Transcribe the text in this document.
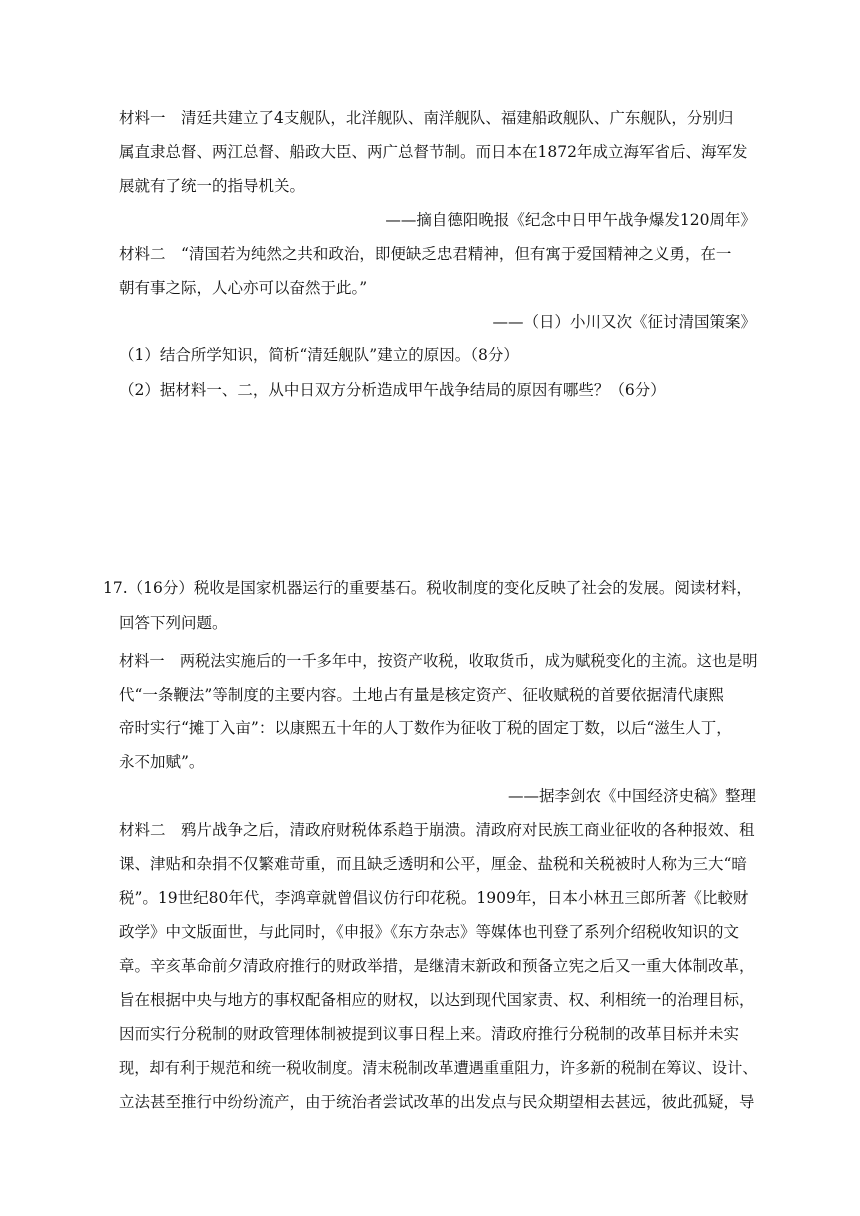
材料一　清廷共建立了4支舰队，北洋舰队、南洋舰队、福建船政舰队、广东舰队，分别归
属直隶总督、两江总督、船政大臣、两广总督节制。而日本在1872年成立海军省后、海军发
展就有了统一的指导机关。
——摘自德阳晚报《纪念中日甲午战争爆发120周年》
材料二　“清国若为纯然之共和政治，即便缺乏忠君精神，但有寓于爱国精神之义勇，在一
朝有事之际，人心亦可以奋然于此。”
——（日）小川又次《征讨清国策案》
（1）结合所学知识，简析“清廷舰队”建立的原因。（8分）
（2）据材料一、二，从中日双方分析造成甲午战争结局的原因有哪些？（6分）
17.（16分）税收是国家机器运行的重要基石。税收制度的变化反映了社会的发展。阅读材料，
回答下列问题。
材料一　两税法实施后的一千多年中，按资产收税，收取货币，成为赋税变化的主流。这也是明
代“一条鞭法”等制度的主要内容。土地占有量是核定资产、征收赋税的首要依据清代康熙
帝时实行“摊丁入亩”：以康熙五十年的人丁数作为征收丁税的固定丁数，以后“滋生人丁，
永不加赋”。
——据李剑农《中国经济史稿》整理
材料二　鸦片战争之后，清政府财税体系趋于崩溃。清政府对民族工商业征收的各种报效、租
课、津贴和杂捐不仅繁难苛重，而且缺乏透明和公平，厘金、盐税和关税被时人称为三大“暗
税”。19世纪80年代，李鸿章就曾倡议仿行印花税。1909年，日本小林丑三郎所著《比較财
政学》中文版面世，与此同时，《申报》《东方杂志》等媒体也刊登了系列介绍税收知识的文
章。辛亥革命前夕清政府推行的财政举措，是继清末新政和预备立宪之后又一重大体制改革，
旨在根据中央与地方的事权配备相应的财权，以达到现代国家责、权、利相统一的治理目标，
因而实行分税制的财政管理体制被提到议事日程上来。清政府推行分税制的改革目标并未实
现，却有利于规范和统一税收制度。清末税制改革遭遇重重阻力，许多新的税制在筹议、设计、
立法甚至推行中纷纷流产，由于统治者尝试改革的出发点与民众期望相去甚远，彼此孤疑，导
